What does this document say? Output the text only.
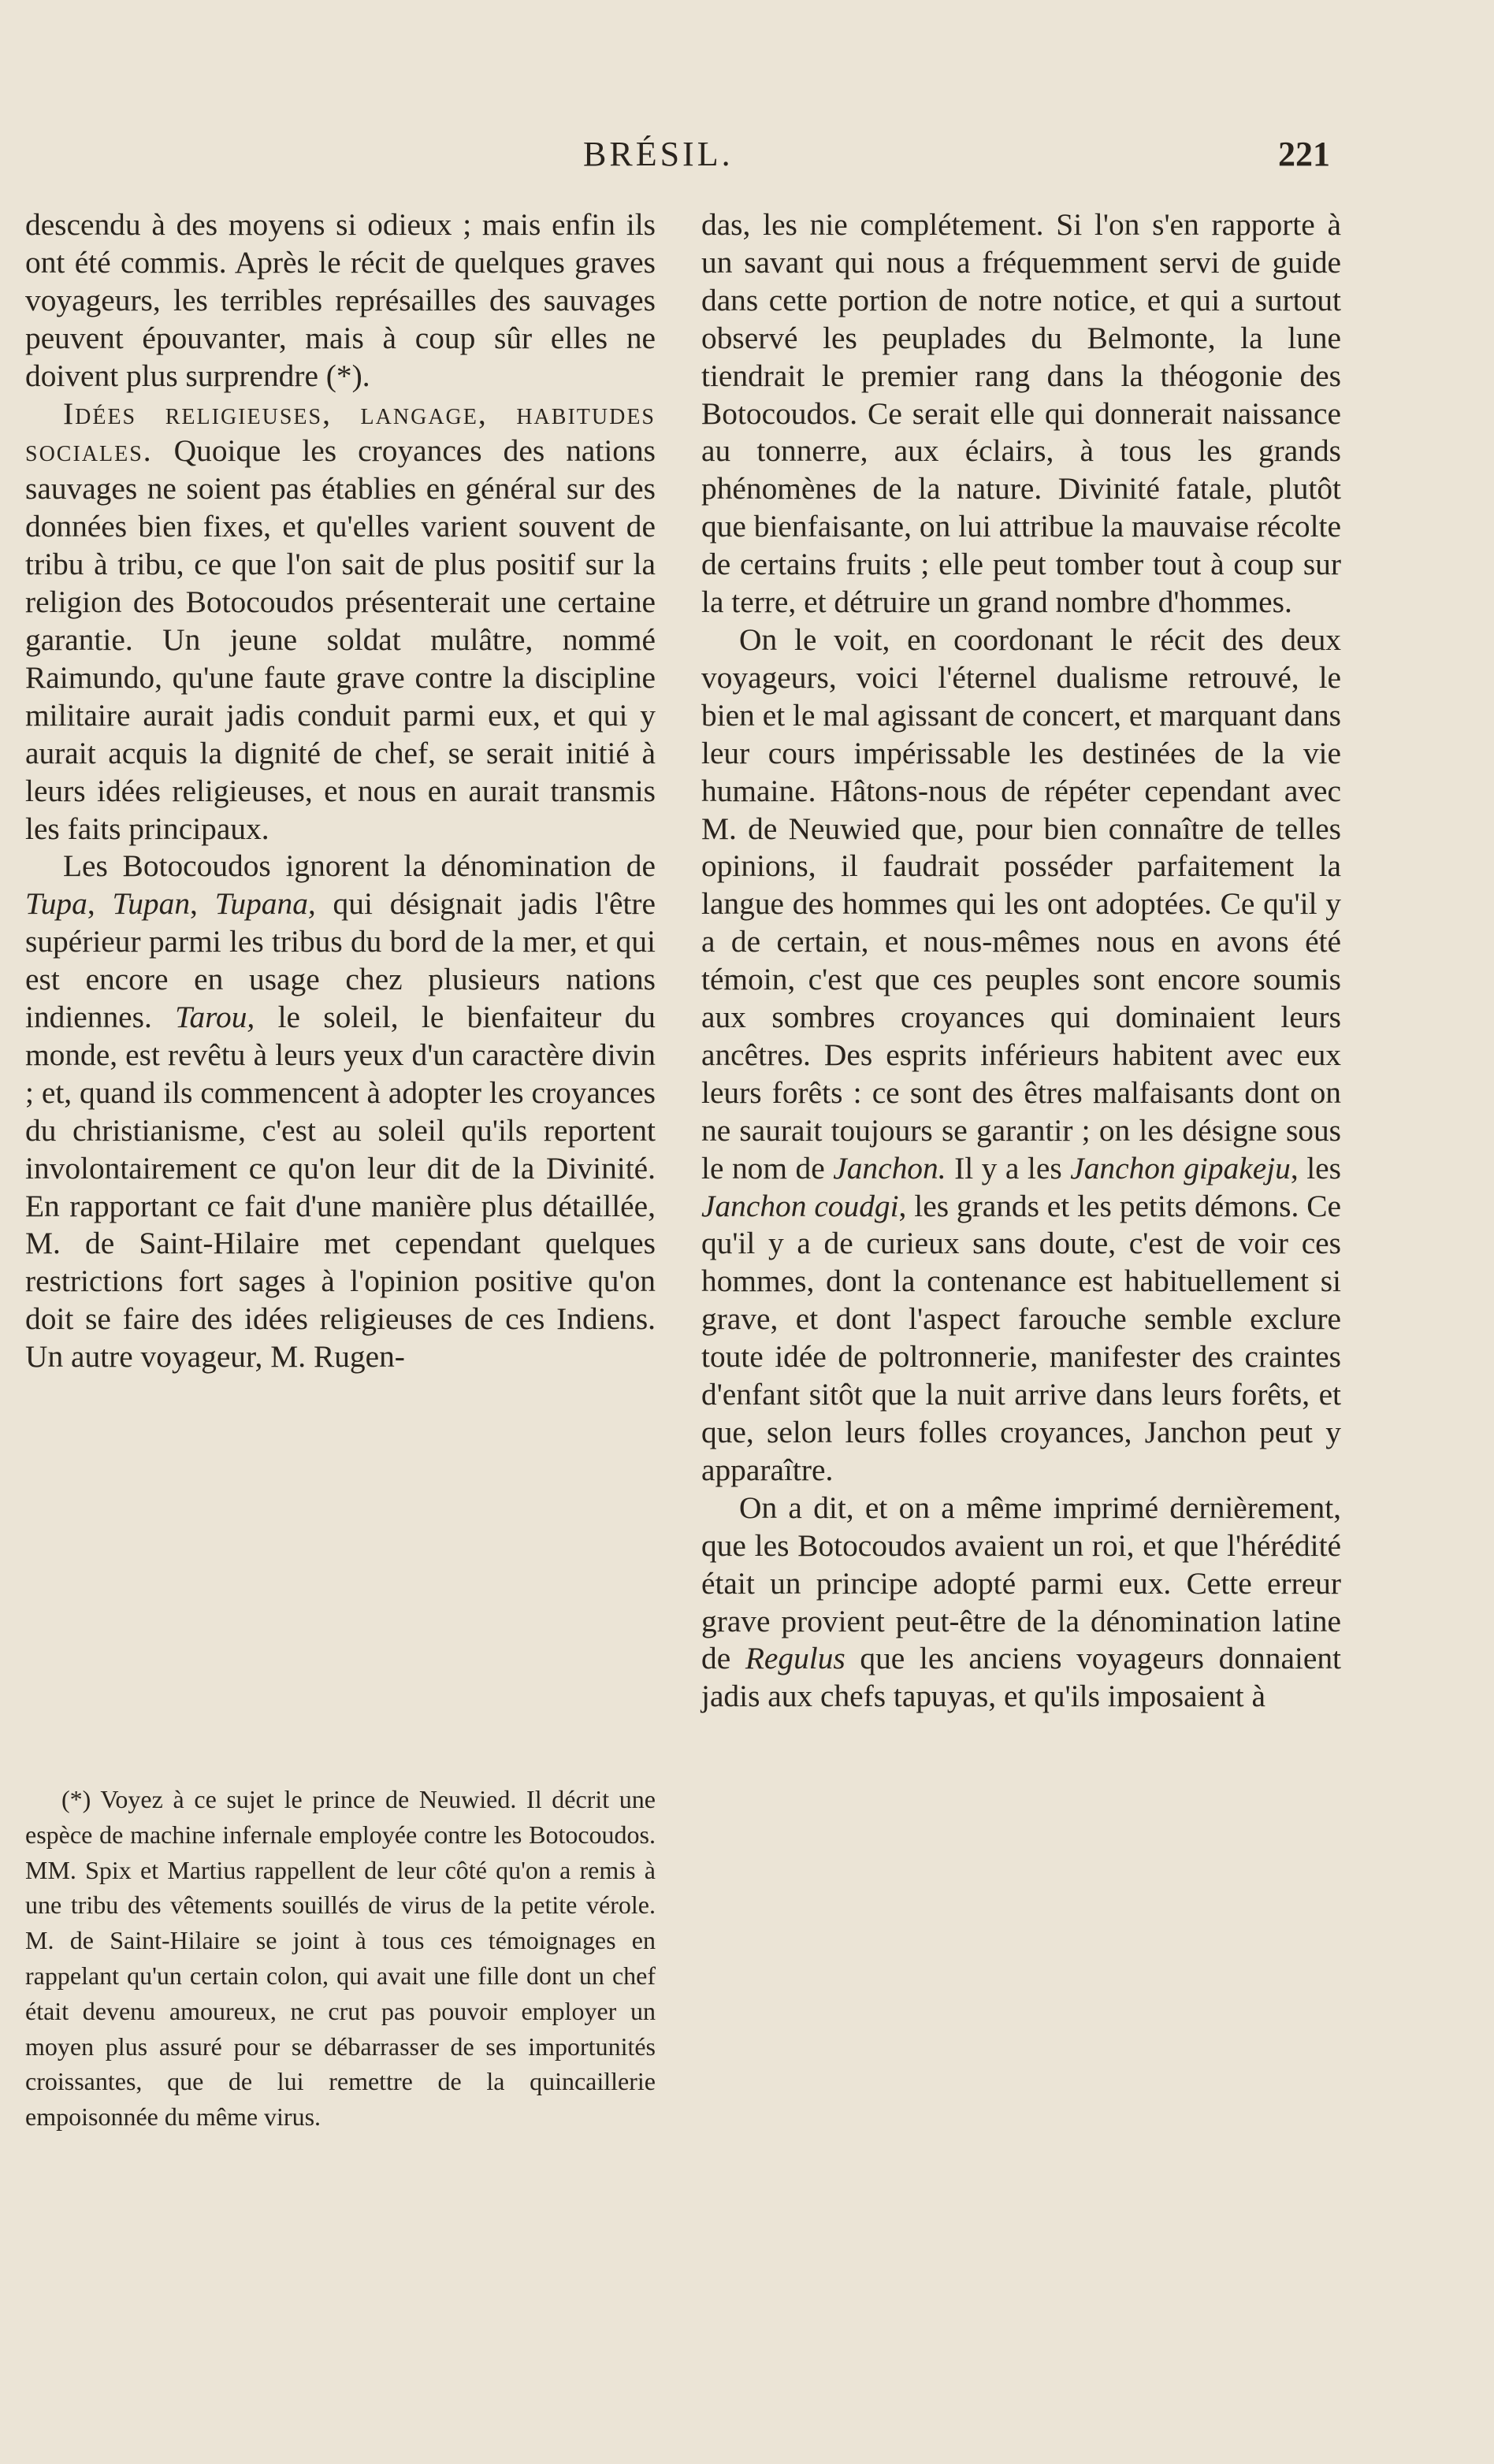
BRÉSIL.	221

descendu à des moyens si odieux ; mais enfin ils ont été commis. Après le récit de quelques graves voyageurs, les terribles représailles des sauvages peuvent épouvanter, mais à coup sûr elles ne doivent plus surprendre (*).

Idées religieuses, langage, habitudes sociales. Quoique les croyances des nations sauvages ne soient pas établies en général sur des données bien fixes, et qu'elles varient souvent de tribu à tribu, ce que l'on sait de plus positif sur la religion des Botocoudos présenterait une certaine garantie. Un jeune soldat mulâtre, nommé Raimundo, qu'une faute grave contre la discipline militaire aurait jadis conduit parmi eux, et qui y aurait acquis la dignité de chef, se serait initié à leurs idées religieuses, et nous en aurait transmis les faits principaux.

Les Botocoudos ignorent la dénomination de Tupa, Tupan, Tupana, qui désignait jadis l'être supérieur parmi les tribus du bord de la mer, et qui est encore en usage chez plusieurs nations indiennes. Tarou, le soleil, le bienfaiteur du monde, est revêtu à leurs yeux d'un caractère divin ; et, quand ils commencent à adopter les croyances du christianisme, c'est au soleil qu'ils reportent involontairement ce qu'on leur dit de la Divinité. En rapportant ce fait d'une manière plus détaillée, M. de Saint-Hilaire met cependant quelques restrictions fort sages à l'opinion positive qu'on doit se faire des idées religieuses de ces Indiens. Un autre voyageur, M. Rugen-

(*) Voyez à ce sujet le prince de Neuwied. Il décrit une espèce de machine infernale employée contre les Botocoudos. MM. Spix et Martius rappellent de leur côté qu'on a remis à une tribu des vêtements souillés de virus de la petite vérole. M. de Saint-Hilaire se joint à tous ces témoignages en rappelant qu'un certain colon, qui avait une fille dont un chef était devenu amoureux, ne crut pas pouvoir employer un moyen plus assuré pour se débarrasser de ses importunités croissantes, que de lui remettre de la quincaillerie empoisonnée du même virus.

das, les nie complétement. Si l'on s'en rapporte à un savant qui nous a fréquemment servi de guide dans cette portion de notre notice, et qui a surtout observé les peuplades du Belmonte, la lune tiendrait le premier rang dans la théogonie des Botocoudos. Ce serait elle qui donnerait naissance au tonnerre, aux éclairs, à tous les grands phénomènes de la nature. Divinité fatale, plutôt que bienfaisante, on lui attribue la mauvaise récolte de certains fruits ; elle peut tomber tout à coup sur la terre, et détruire un grand nombre d'hommes.

On le voit, en coordonant le récit des deux voyageurs, voici l'éternel dualisme retrouvé, le bien et le mal agissant de concert, et marquant dans leur cours impérissable les destinées de la vie humaine. Hâtons-nous de répéter cependant avec M. de Neuwied que, pour bien connaître de telles opinions, il faudrait posséder parfaitement la langue des hommes qui les ont adoptées. Ce qu'il y a de certain, et nous-mêmes nous en avons été témoin, c'est que ces peuples sont encore soumis aux sombres croyances qui dominaient leurs ancêtres. Des esprits inférieurs habitent avec eux leurs forêts : ce sont des êtres malfaisants dont on ne saurait toujours se garantir ; on les désigne sous le nom de Janchon. Il y a les Janchon gipakeju, les Janchon coudgi, les grands et les petits démons. Ce qu'il y a de curieux sans doute, c'est de voir ces hommes, dont la contenance est habituellement si grave, et dont l'aspect farouche semble exclure toute idée de poltronnerie, manifester des craintes d'enfant sitôt que la nuit arrive dans leurs forêts, et que, selon leurs folles croyances, Janchon peut y apparaître.

On a dit, et on a même imprimé dernièrement, que les Botocoudos avaient un roi, et que l'hérédité était un principe adopté parmi eux. Cette erreur grave provient peut-être de la dénomination latine de Regulus que les anciens voyageurs donnaient jadis aux chefs tapuyas, et qu'ils imposaient à
